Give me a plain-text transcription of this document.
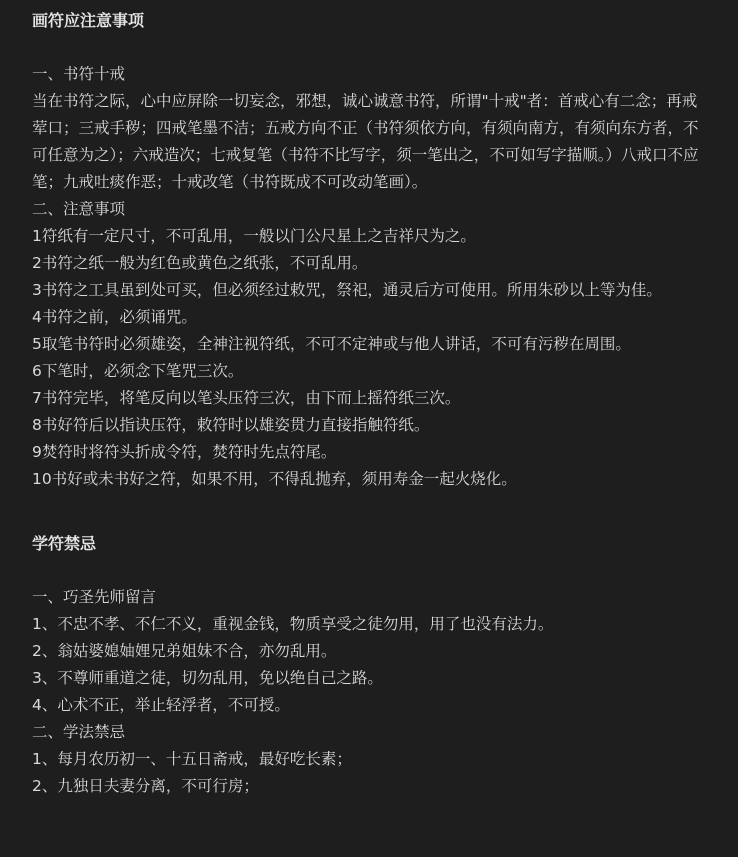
画符应注意事项
一、书符十戒
当在书符之际，心中应屏除一切妄念，邪想，诚心诚意书符，所谓"十戒"者：首戒心有二念；再戒荤口；三戒手秽；四戒笔墨不洁；五戒方向不正（书符须依方向，有须向南方，有须向东方者，不可任意为之）；六戒造次；七戒复笔（书符不比写字，须一笔出之，不可如写字描顺。）八戒口不应笔；九戒吐痰作恶；十戒改笔（书符既成不可改动笔画）。
二、注意事项
1符纸有一定尺寸，不可乱用，一般以门公尺星上之吉祥尺为之。
2书符之纸一般为红色或黄色之纸张，不可乱用。
3书符之工具虽到处可买，但必须经过敕咒，祭祀，通灵后方可使用。所用朱砂以上等为佳。
4书符之前，必须诵咒。
5取笔书符时必须雄姿，全神注视符纸，不可不定神或与他人讲话，不可有污秽在周围。
6下笔时，必须念下笔咒三次。
7书符完毕，将笔反向以笔头压符三次，由下而上摇符纸三次。
8书好符后以指诀压符，敕符时以雄姿贯力直接指触符纸。
9焚符时将符头折成令符，焚符时先点符尾。
10书好或未书好之符，如果不用，不得乱抛弃，须用寿金一起火烧化。
学符禁忌
一、巧圣先师留言
1、不忠不孝、不仁不义，重视金钱，物质享受之徒勿用，用了也没有法力。
2、翁姑婆媳妯娌兄弟姐妹不合，亦勿乱用。
3、不尊师重道之徒，切勿乱用，免以绝自己之路。
4、心术不正，举止轻浮者，不可授。
二、学法禁忌
1、每月农历初一、十五日斋戒，最好吃长素；
2、九独日夫妻分离，不可行房；
